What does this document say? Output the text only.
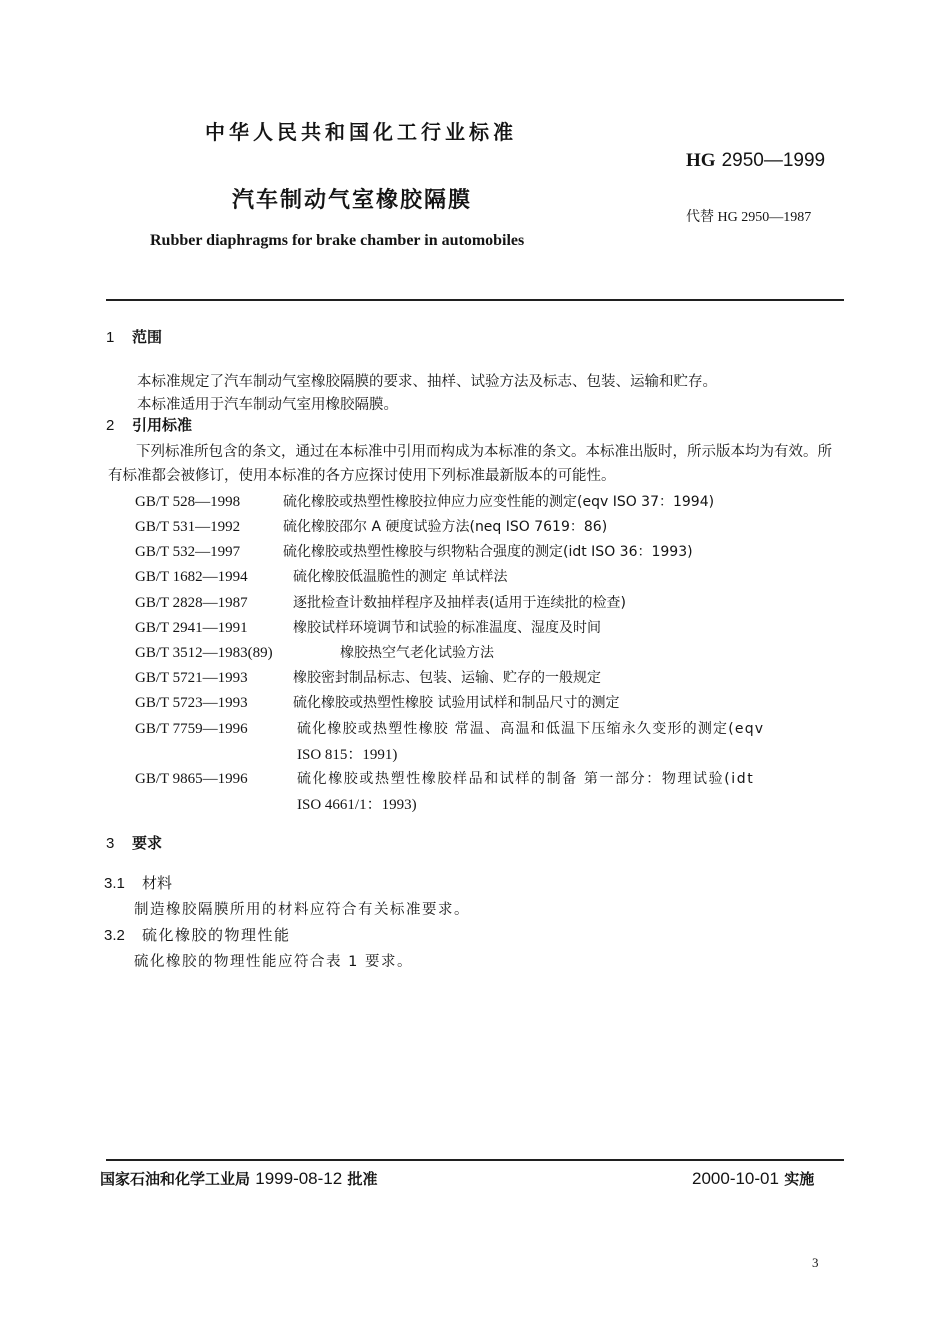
中华人民共和国化工行业标准
HG 2950—1999
汽车制动气室橡胶隔膜
代替 HG 2950—1987
Rubber diaphragms for brake chamber in automobiles
1 范围
本标准规定了汽车制动气室橡胶隔膜的要求、抽样、试验方法及标志、包装、运输和贮存。
本标准适用于汽车制动气室用橡胶隔膜。
2 引用标准
下列标准所包含的条文，通过在本标准中引用而构成为本标准的条文。本标准出版时，所示版本均为有效。所有标准都会被修订，使用本标准的各方应探讨使用下列标准最新版本的可能性。
GB/T 528—1998	硫化橡胶或热塑性橡胶拉伸应力应变性能的测定(eqv ISO 37：1994)
GB/T 531—1992	硫化橡胶邵尔 A 硬度试验方法(neq ISO 7619：86)
GB/T 532—1997	硫化橡胶或热塑性橡胶与织物粘合强度的测定(idt ISO 36：1993)
GB/T 1682—1994	硫化橡胶低温脆性的测定 单试样法
GB/T 2828—1987	逐批检查计数抽样程序及抽样表(适用于连续批的检查)
GB/T 2941—1991	橡胶试样环境调节和试验的标准温度、湿度及时间
GB/T 3512—1983(89)	橡胶热空气老化试验方法
GB/T 5721—1993	橡胶密封制品标志、包装、运输、贮存的一般规定
GB/T 5723—1993	硫化橡胶或热塑性橡胶 试验用试样和制品尺寸的测定
GB/T 7759—1996	硫化橡胶或热塑性橡胶 常温、高温和低温下压缩永久变形的测定(eqv
ISO 815：1991)
GB/T 9865—1996	硫化橡胶或热塑性橡胶样品和试样的制备 第一部分：物理试验(idt
ISO 4661/1：1993)
3 要求
3.1 材料
制造橡胶隔膜所用的材料应符合有关标准要求。
3.2 硫化橡胶的物理性能
硫化橡胶的物理性能应符合表 1 要求。
国家石油和化学工业局 1999-08-12 批准	2000-10-01 实施
3
